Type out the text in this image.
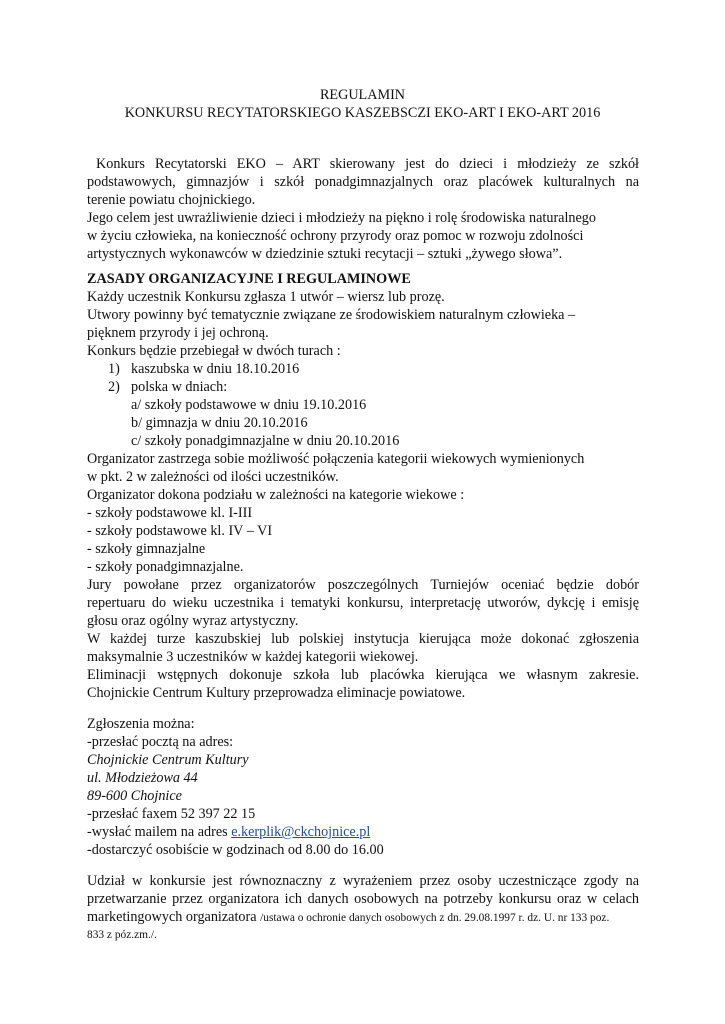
REGULAMIN
KONKURSU RECYTATORSKIEGO KASZEBSCZI EKO-ART I EKO-ART 2016
Konkurs Recytatorski EKO – ART skierowany jest do dzieci i młodzieży ze szkół
podstawowych, gimnazjów i szkół ponadgimnazjalnych oraz placówek kulturalnych na
terenie powiatu chojnickiego.
Jego celem jest uwrażliwienie dzieci i młodzieży na piękno i rolę środowiska naturalnego
w życiu człowieka, na konieczność ochrony przyrody oraz pomoc w rozwoju zdolności
artystycznych wykonawców w dziedzinie sztuki recytacji – sztuki „żywego słowa”.
ZASADY ORGANIZACYJNE I REGULAMINOWE
Każdy uczestnik Konkursu zgłasza 1 utwór – wiersz lub prozę.
Utwory powinny być tematycznie związane ze środowiskiem naturalnym człowieka –
pięknem przyrody i jej ochroną.
Konkurs będzie przebiegał w dwóch turach :
1) kaszubska w dniu 18.10.2016
2) polska w dniach:
a/ szkoły podstawowe w dniu 19.10.2016
b/ gimnazja w dniu 20.10.2016
c/ szkoły ponadgimnazjalne w dniu 20.10.2016
Organizator zastrzega sobie możliwość połączenia kategorii wiekowych wymienionych
w pkt. 2 w zależności od ilości uczestników.
Organizator dokona podziału w zależności na kategorie wiekowe :
- szkoły podstawowe kl. I-III
- szkoły podstawowe kl. IV – VI
- szkoły gimnazjalne
- szkoły ponadgimnazjalne.
Jury powołane przez organizatorów poszczególnych Turniejów oceniać będzie dobór
repertuaru do wieku uczestnika i tematyki konkursu, interpretację utworów, dykcję i emisję
głosu oraz ogólny wyraz artystyczny.
W każdej turze kaszubskiej lub polskiej instytucja kierująca może dokonać zgłoszenia
maksymalnie 3 uczestników w każdej kategorii wiekowej.
Eliminacji wstępnych dokonuje szkoła lub placówka kierująca we własnym zakresie.
Chojnickie Centrum Kultury przeprowadza eliminacje powiatowe.
Zgłoszenia można:
-przesłać pocztą na adres:
Chojnickie Centrum Kultury
ul. Młodzieżowa 44
89-600 Chojnice
-przesłać faxem 52 397 22 15
-wysłać mailem na adres e.kerplik@ckchojnice.pl
-dostarczyć osobiście w godzinach od 8.00 do 16.00
Udział w konkursie jest równoznaczny z wyrażeniem przez osoby uczestniczące zgody na
przetwarzanie przez organizatora ich danych osobowych na potrzeby konkursu oraz w celach
marketingowych organizatora /ustawa o ochronie danych osobowych z dn. 29.08.1997 r. dz. U. nr 133 poz.
833 z póz.zm./.
